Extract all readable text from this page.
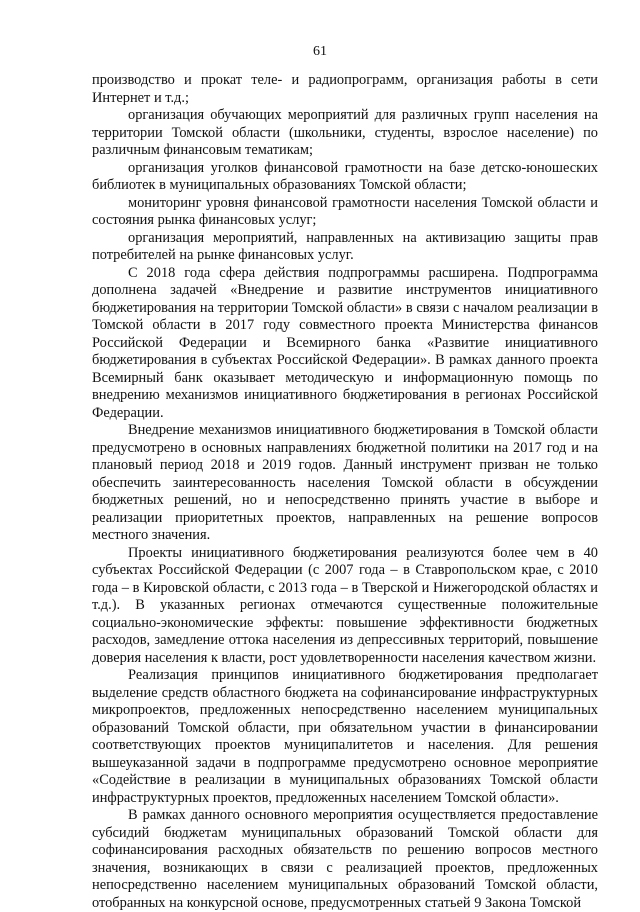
61

производство и прокат теле- и радиопрограмм, организация работы в сети Интернет и т.д.;

организация обучающих мероприятий для различных групп населения на территории Томской области (школьники, студенты, взрослое население) по различным финансовым тематикам;

организация уголков финансовой грамотности на базе детско-юношеских библиотек в муниципальных образованиях Томской области;

мониторинг уровня финансовой грамотности населения Томской области и состояния рынка финансовых услуг;

организация мероприятий, направленных на активизацию защиты прав потребителей на рынке финансовых услуг.

С 2018 года сфера действия подпрограммы расширена. Подпрограмма дополнена задачей «Внедрение и развитие инструментов инициативного бюджетирования на территории Томской области» в связи с началом реализации в Томской области в 2017 году совместного проекта Министерства финансов Российской Федерации и Всемирного банка «Развитие инициативного бюджетирования в субъектах Российской Федерации». В рамках данного проекта Всемирный банк оказывает методическую и информационную помощь по внедрению механизмов инициативного бюджетирования в регионах Российской Федерации.

Внедрение механизмов инициативного бюджетирования в Томской области предусмотрено в основных направлениях бюджетной политики на 2017 год и на плановый период 2018 и 2019 годов. Данный инструмент призван не только обеспечить заинтересованность населения Томской области в обсуждении бюджетных решений, но и непосредственно принять участие в выборе и реализации приоритетных проектов, направленных на решение вопросов местного значения.

Проекты инициативного бюджетирования реализуются более чем в 40 субъектах Российской Федерации (с 2007 года – в Ставропольском крае, с 2010 года – в Кировской области, с 2013 года – в Тверской и Нижегородской областях и т.д.). В указанных регионах отмечаются существенные положительные социально-экономические эффекты: повышение эффективности бюджетных расходов, замедление оттока населения из депрессивных территорий, повышение доверия населения к власти, рост удовлетворенности населения качеством жизни.

Реализация принципов инициативного бюджетирования предполагает выделение средств областного бюджета на софинансирование инфраструктурных микропроектов, предложенных непосредственно населением муниципальных образований Томской области, при обязательном участии в финансировании соответствующих проектов муниципалитетов и населения. Для решения вышеуказанной задачи в подпрограмме предусмотрено основное мероприятие «Содействие в реализации в муниципальных образованиях Томской области инфраструктурных проектов, предложенных населением Томской области».

В рамках данного основного мероприятия осуществляется предоставление субсидий бюджетам муниципальных образований Томской области для софинансирования расходных обязательств по решению вопросов местного значения, возникающих в связи с реализацией проектов, предложенных непосредственно населением муниципальных образований Томской области, отобранных на конкурсной основе, предусмотренных статьей 9 Закона Томской
